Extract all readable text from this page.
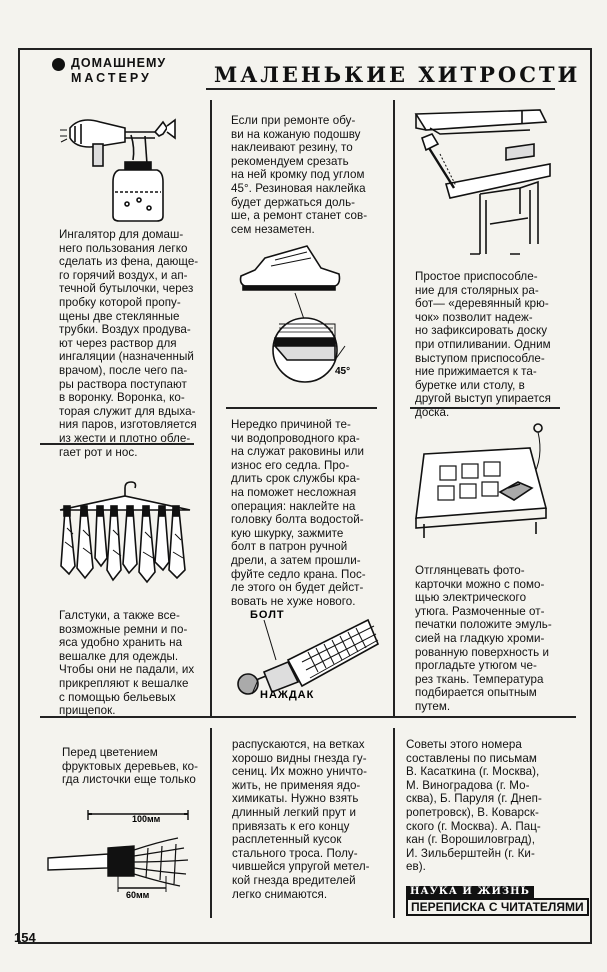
ДОМАШНЕМУ
МАСТЕРУ	МАЛЕНЬКИЕ ХИТРОСТИ
Ингалятор для домаш-
него пользования легко
сделать из фена, дающе-
го горячий воздух, и ап-
течной бутылочки, через
пробку которой пропу-
щены две стеклянные
трубки. Воздух продува-
ют через раствор для
ингаляции (назначенный
врачом), после чего па-
ры раствора поступают
в воронку. Воронка, ко-
торая служит для вдыха-
ния паров, изготовляется
из жести и плотно обле-
гает рот и нос.
Галстуки, а также все-
возможные ремни и по-
яса удобно хранить на
вешалке для одежды.
Чтобы они не падали, их
прикрепляют к вешалке
с помощью бельевых
прищепок.
Если при ремонте обу-
ви на кожаную подошву
наклеивают резину, то
рекомендуем срезать
на ней кромку под углом
45°. Резиновая наклейка
будет держаться доль-
ше, а ремонт станет сов-
сем незаметен.
45°
Нередко причиной те-
чи водопроводного кра-
на служат раковины или
износ его седла. Про-
длить срок службы кра-
на поможет несложная
операция: наклейте на
головку болта водостой-
кую шкурку, зажмите
болт в патрон ручной
дрели, а затем прошли-
фуйте седло крана. Пос-
ле этого он будет дейст-
вовать не хуже нового.
БОЛТ
НАЖДАК
Простое приспособле-
ние для столярных ра-
бот— «деревянный крю-
чок» позволит надеж-
но зафиксировать доску
при отпиливании. Одним
выступом приспособле-
ние прижимается к та-
буретке или столу, в
другой выступ упирается
доска.
Отглянцевать фото-
карточки можно с помо-
щью электрического
утюга. Размоченные от-
печатки положите эмуль-
сией на гладкую хроми-
рованную поверхность и
прогладьте утюгом че-
рез ткань. Температура
подбирается опытным
путем.
Перед цветением
фруктовых деревьев, ко-
гда листочки еще только
100мм
60мм
распускаются, на ветках
хорошо видны гнезда гу-
сениц. Их можно уничто-
жить, не применяя ядо-
химикаты. Нужно взять
длинный легкий прут и
привязать к его концу
расплетенный кусок
стального троса. Полу-
чившейся упругой метел-
кой гнезда вредителей
легко снимаются.
Советы этого номера
составлены по письмам
В. Касаткина (г. Москва),
М. Виноградова (г. Мо-
сква), Б. Паруля (г. Днеп-
ропетровск), В. Коварск-
ского (г. Москва). А. Пац-
кан (г. Ворошиловград),
И. Зильберштейн (г. Ки-
ев).
НАУКА И ЖИЗНЬ
ПЕРЕПИСКА С ЧИТАТЕЛЯМИ
154
